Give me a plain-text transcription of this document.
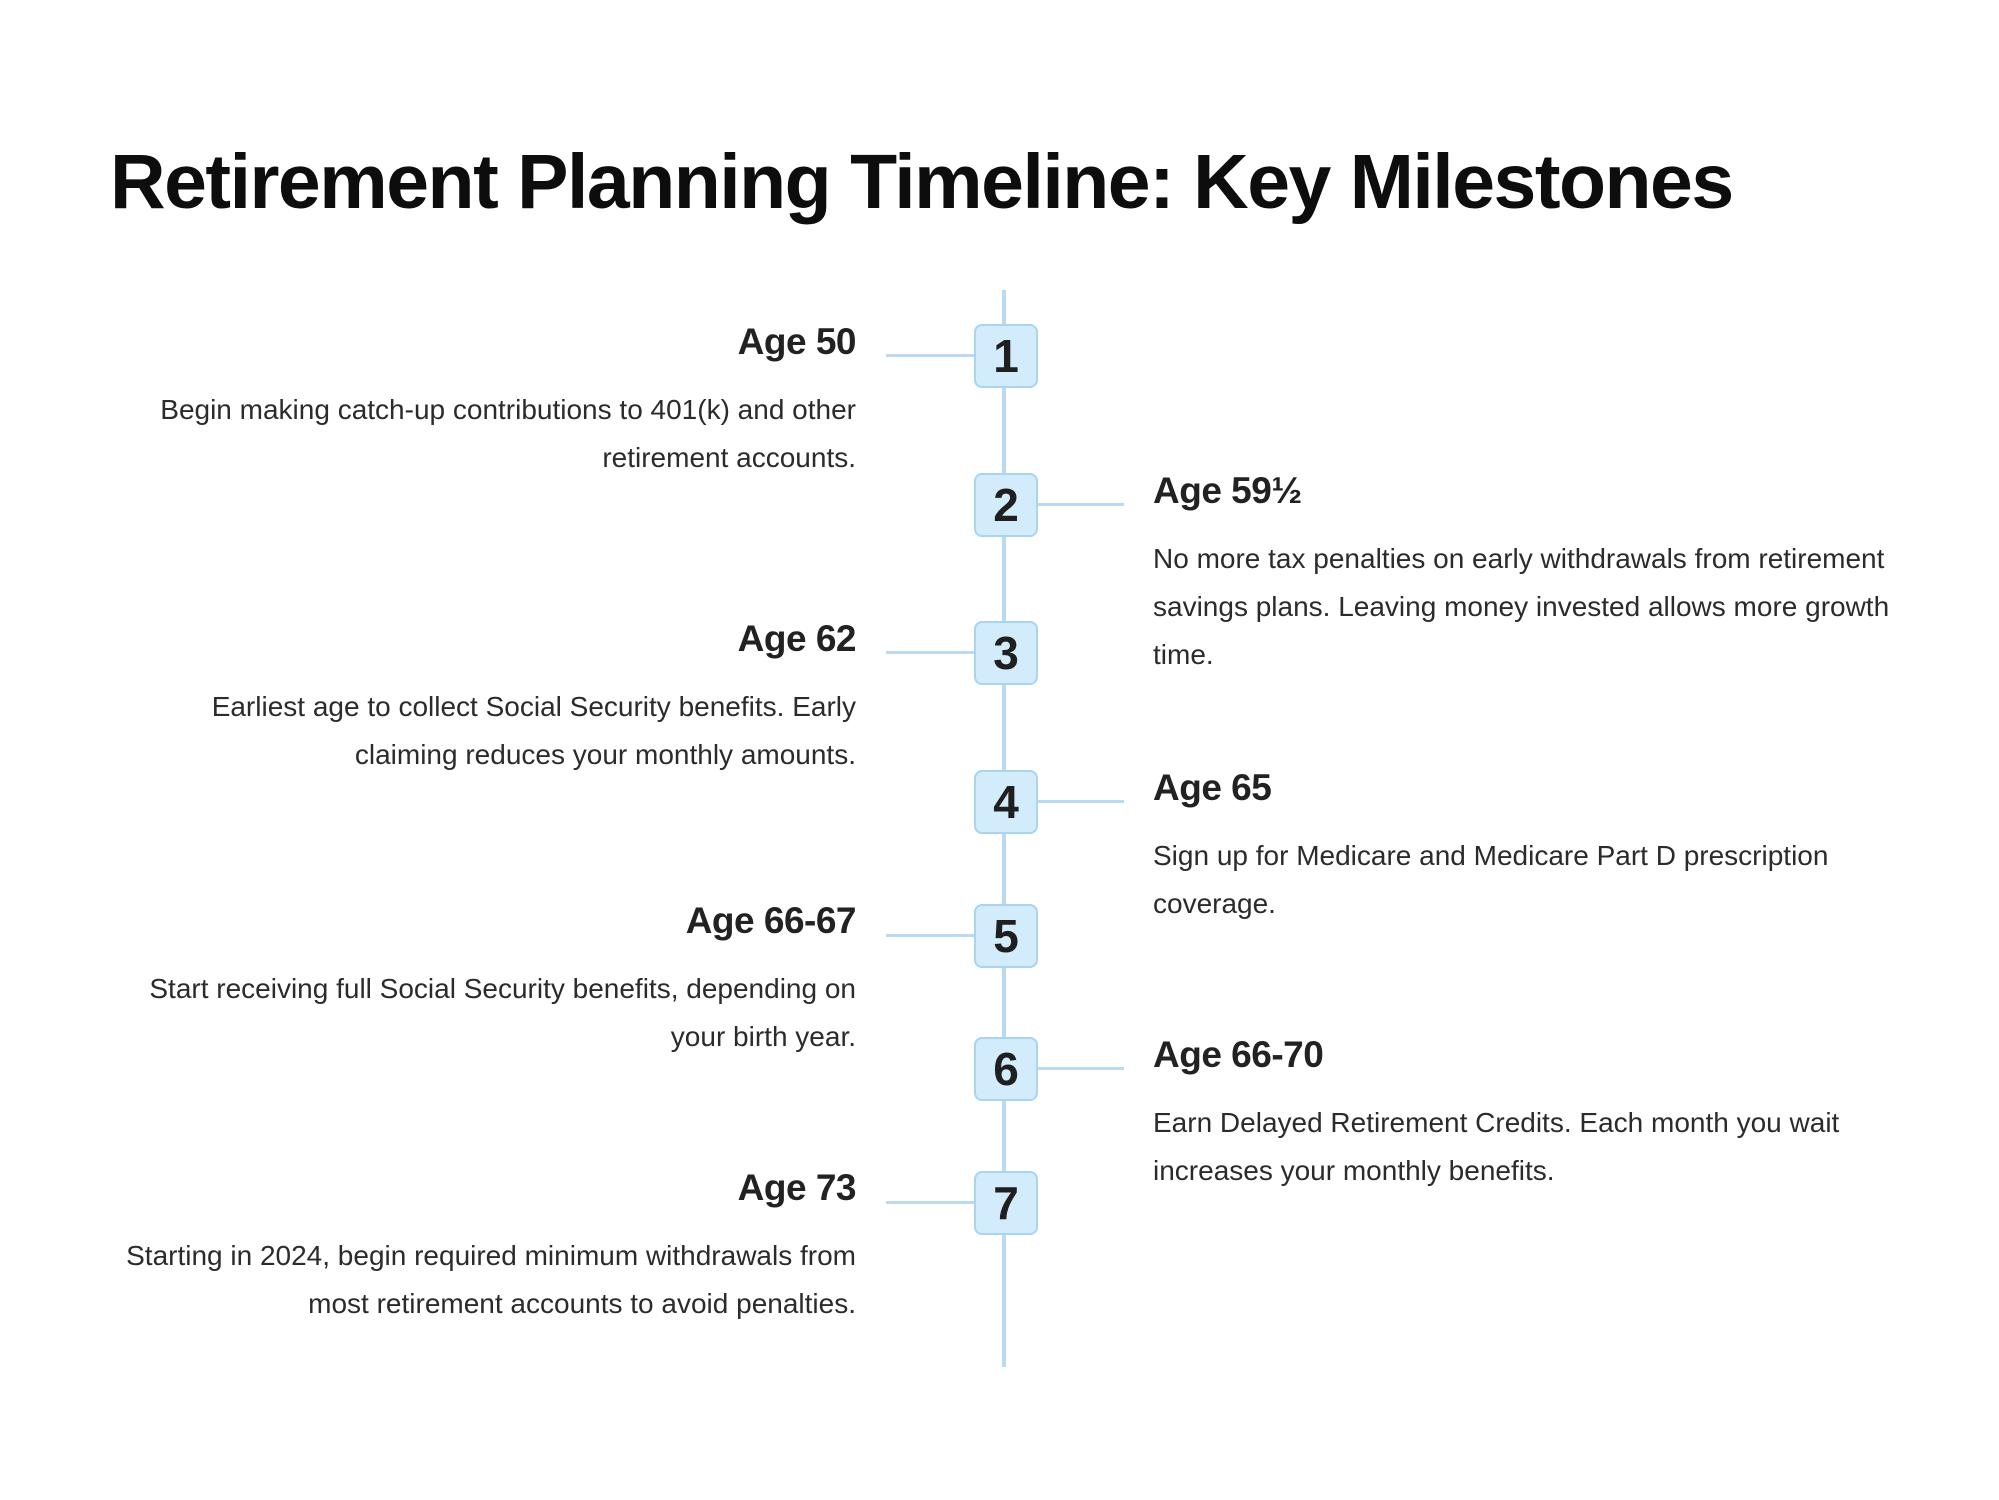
Retirement Planning Timeline: Key Milestones
1
Age 50
Begin making catch-up contributions to 401(k) and other retirement accounts.
2	Age 59½
No more tax penalties on early withdrawals from retirement savings plans. Leaving money invested allows more growth time.
3
Age 62
Earliest age to collect Social Security benefits. Early claiming reduces your monthly amounts.
4	Age 65
Sign up for Medicare and Medicare Part D prescription coverage.
5
Age 66-67
Start receiving full Social Security benefits, depending on your birth year.
6	Age 66-70
Earn Delayed Retirement Credits. Each month you wait increases your monthly benefits.
7
Age 73
Starting in 2024, begin required minimum withdrawals from most retirement accounts to avoid penalties.
